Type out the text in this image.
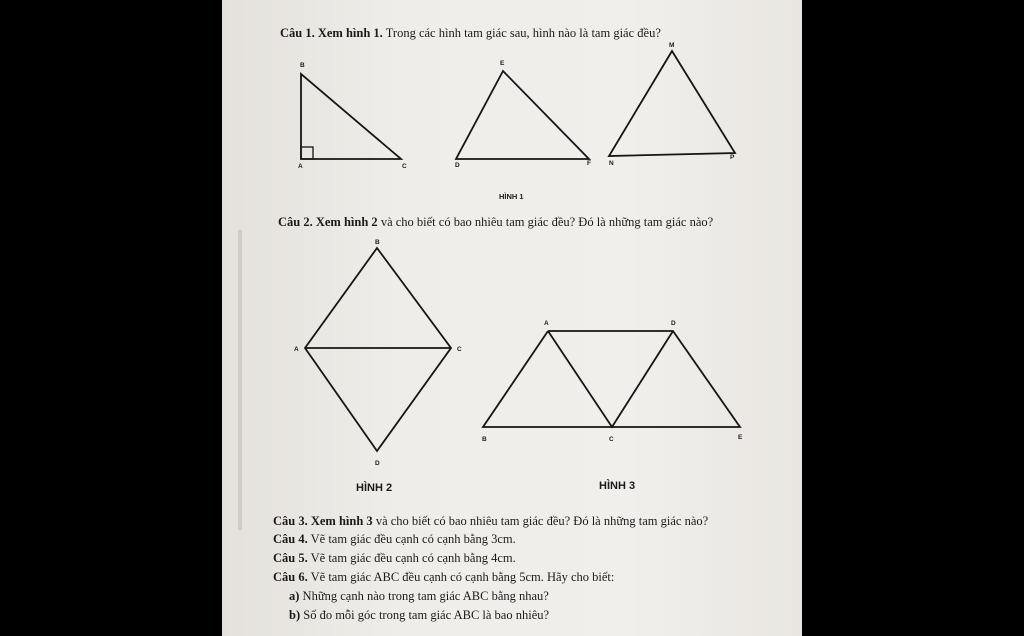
Câu 1. Xem hình 1. Trong các hình tam giác sau, hình nào là tam giác đều?
B
A	C
E
D	F
M
N
P
B
A	C
D
A	D
B	C	E
HÌNH 1
Câu 2. Xem hình 2 và cho biết có bao nhiêu tam giác đều? Đó là những tam giác nào?
HÌNH 2	HÌNH 3
Câu 3. Xem hình 3 và cho biết có bao nhiêu tam giác đều? Đó là những tam giác nào?
Câu 4. Vẽ tam giác đều cạnh có cạnh bằng 3cm.
Câu 5. Vẽ tam giác đều cạnh có cạnh bằng 4cm.
Câu 6. Vẽ tam giác ABC đều cạnh có cạnh bằng 5cm. Hãy cho biết:
a) Những cạnh nào trong tam giác ABC bằng nhau?
b) Số đo mỗi góc trong tam giác ABC là bao nhiêu?
